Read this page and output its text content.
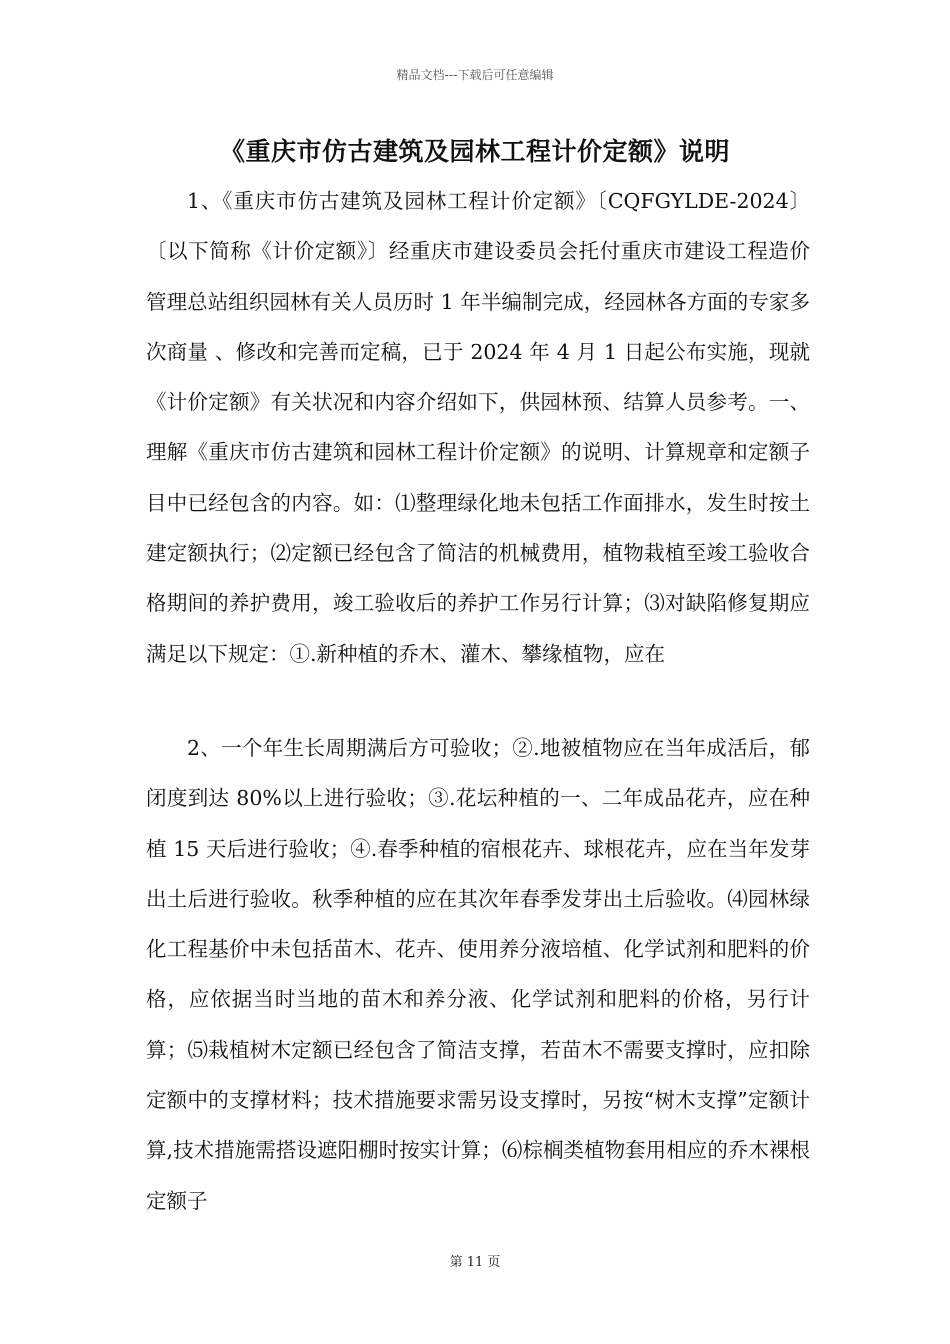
精品文档---下载后可任意编辑
《重庆市仿古建筑及园林工程计价定额》说明

1、《重庆市仿古建筑及园林工程计价定额》〔CQFGYLDE-2024〕〔以下简称《计价定额》〕经重庆市建设委员会托付重庆市建设工程造价管理总站组织园林有关人员历时 1 年半编制完成，经园林各方面的专家多次商量 、修改和完善而定稿，已于 2024 年 4 月 1 日起公布实施，现就《计价定额》有关状况和内容介绍如下，供园林预、结算人员参考。一、理解《重庆市仿古建筑和园林工程计价定额》的说明、计算规章和定额子目中已经包含的内容。如：⑴整理绿化地未包括工作面排水，发生时按土建定额执行；⑵定额已经包含了简洁的机械费用，植物栽植至竣工验收合格期间的养护费用，竣工验收后的养护工作另行计算；⑶对缺陷修复期应满足以下规定：①.新种植的乔木、灌木、攀缘植物，应在

2、一个年生长周期满后方可验收；②.地被植物应在当年成活后，郁闭度到达 80%以上进行验收；③.花坛种植的一、二年成品花卉，应在种植 15 天后进行验收；④.春季种植的宿根花卉、球根花卉，应在当年发芽出土后进行验收。秋季种植的应在其次年春季发芽出土后验收。⑷园林绿化工程基价中未包括苗木、花卉、使用养分液培植、化学试剂和肥料的价格，应依据当时当地的苗木和养分液、化学试剂和肥料的价格，另行计算；⑸栽植树木定额已经包含了简洁支撑，若苗木不需要支撑时，应扣除定额中的支撑材料；技术措施要求需另设支撑时，另按“树木支撑”定额计算,技术措施需搭设遮阳棚时按实计算；⑹棕榈类植物套用相应的乔木裸根定额子

第 11 页
